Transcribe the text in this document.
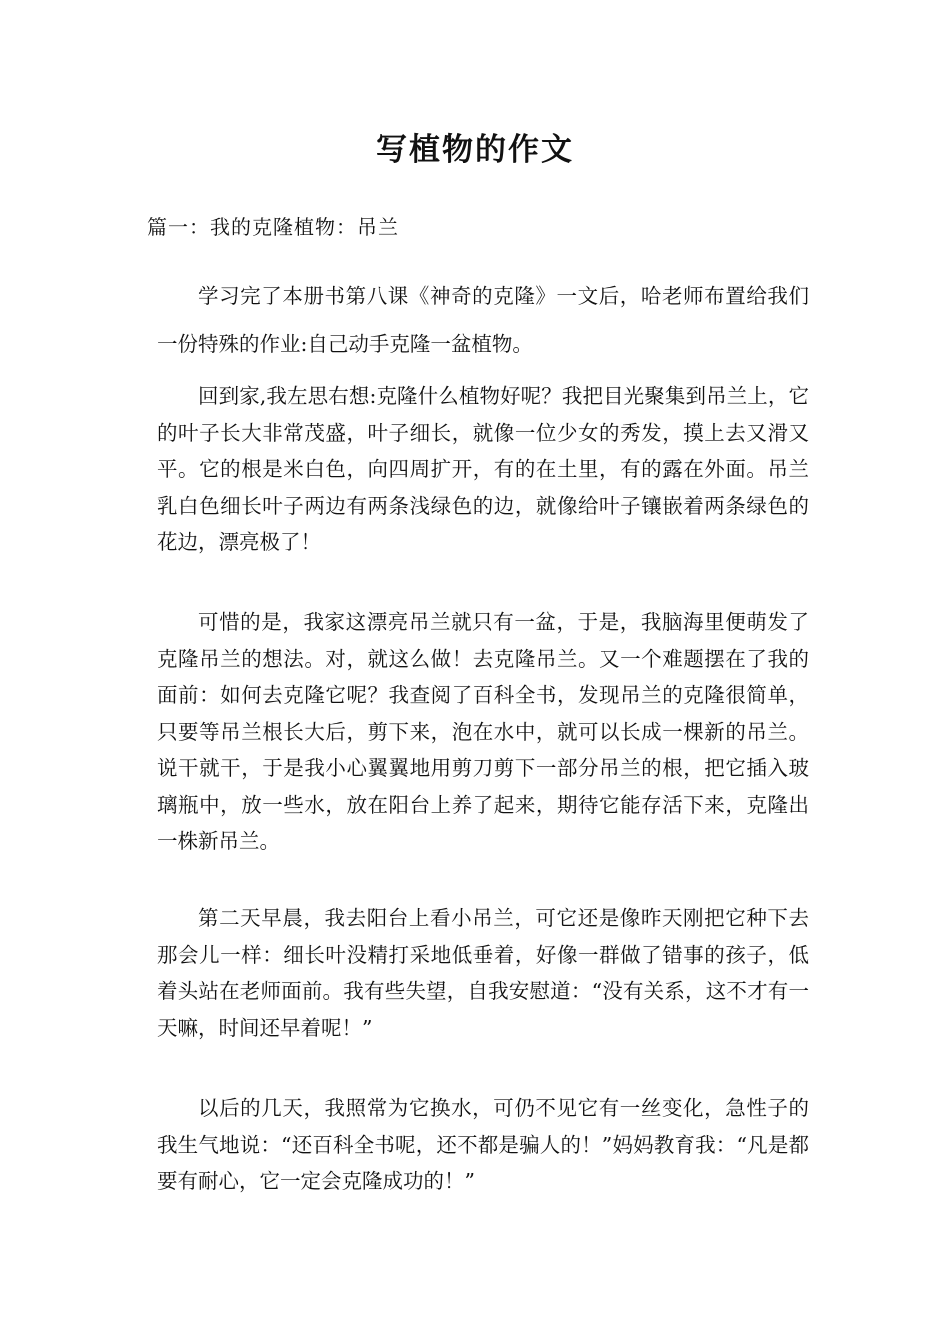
写植物的作文
篇一：我的克隆植物：吊兰

学习完了本册书第八课《神奇的克隆》一文后，哈老师布置给我们一份特殊的作业:自己动手克隆一盆植物。

回到家,我左思右想:克隆什么植物好呢？我把目光聚集到吊兰上，它的叶子长大非常茂盛，叶子细长，就像一位少女的秀发，摸上去又滑又平。它的根是米白色，向四周扩开，有的在土里，有的露在外面。吊兰乳白色细长叶子两边有两条浅绿色的边，就像给叶子镶嵌着两条绿色的花边，漂亮极了！

可惜的是，我家这漂亮吊兰就只有一盆，于是，我脑海里便萌发了克隆吊兰的想法。对，就这么做！去克隆吊兰。又一个难题摆在了我的面前：如何去克隆它呢？我查阅了百科全书，发现吊兰的克隆很简单，只要等吊兰根长大后，剪下来，泡在水中，就可以长成一棵新的吊兰。说干就干，于是我小心翼翼地用剪刀剪下一部分吊兰的根，把它插入玻璃瓶中，放一些水，放在阳台上养了起来，期待它能存活下来，克隆出一株新吊兰。

第二天早晨，我去阳台上看小吊兰，可它还是像昨天刚把它种下去那会儿一样：细长叶没精打采地低垂着，好像一群做了错事的孩子，低着头站在老师面前。我有些失望，自我安慰道：“没有关系，这不才有一天嘛，时间还早着呢！”

以后的几天，我照常为它换水，可仍不见它有一丝变化，急性子的我生气地说：“还百科全书呢，还不都是骗人的！”妈妈教育我：“凡是都要有耐心，它一定会克隆成功的！”
